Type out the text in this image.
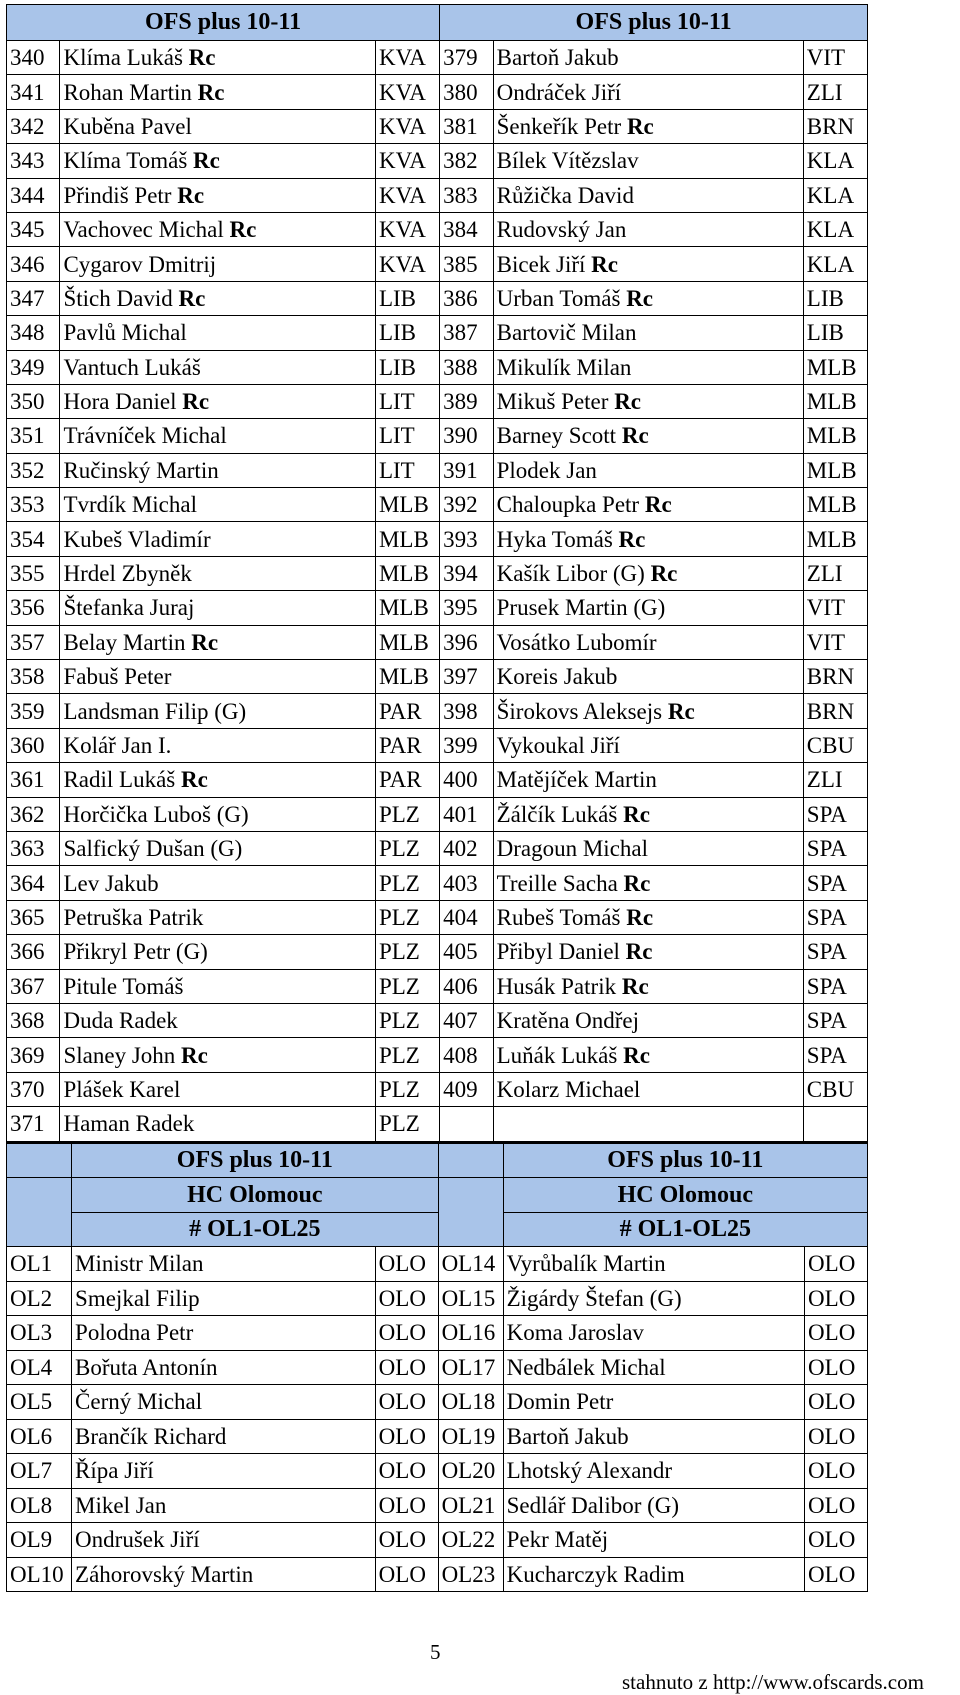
OFS plus 10-11			OFS plus 10-11		
340	Klíma Lukáš Rc	KVA	379	Bartoň Jakub	VIT
341	Rohan Martin Rc	KVA	380	Ondráček Jiří	ZLI
342	Kuběna Pavel	KVA	381	Šenkeřík Petr Rc	BRN
343	Klíma Tomáš Rc	KVA	382	Bílek Vítězslav	KLA
344	Přindiš Petr Rc	KVA	383	Růžička David	KLA
345	Vachovec Michal Rc	KVA	384	Rudovský Jan	KLA
346	Cygarov Dmitrij	KVA	385	Bicek Jiří Rc	KLA
347	Štich David Rc	LIB	386	Urban Tomáš Rc	LIB
348	Pavlů Michal	LIB	387	Bartovič Milan	LIB
349	Vantuch Lukáš	LIB	388	Mikulík Milan	MLB
350	Hora Daniel Rc	LIT	389	Mikuš Peter Rc	MLB
351	Trávníček Michal	LIT	390	Barney Scott Rc	MLB
352	Ručinský Martin	LIT	391	Plodek Jan	MLB
353	Tvrdík Michal	MLB	392	Chaloupka Petr Rc	MLB
354	Kubeš Vladimír	MLB	393	Hyka Tomáš Rc	MLB
355	Hrdel Zbyněk	MLB	394	Kašík Libor (G) Rc	ZLI
356	Štefanka Juraj	MLB	395	Prusek Martin (G)	VIT
357	Belay Martin Rc	MLB	396	Vosátko Lubomír	VIT
358	Fabuš Peter	MLB	397	Koreis Jakub	BRN
359	Landsman Filip (G)	PAR	398	Širokovs Aleksejs Rc	BRN
360	Kolář Jan I.	PAR	399	Vykoukal Jiří	CBU
361	Radil Lukáš Rc	PAR	400	Matějíček Martin	ZLI
362	Horčička Luboš (G)	PLZ	401	Žálčík Lukáš Rc	SPA
363	Salfický Dušan (G)	PLZ	402	Dragoun Michal	SPA
364	Lev Jakub	PLZ	403	Treille Sacha Rc	SPA
365	Petruška Patrik	PLZ	404	Rubeš Tomáš Rc	SPA
366	Přikryl Petr (G)	PLZ	405	Přibyl Daniel Rc	SPA
367	Pitule Tomáš	PLZ	406	Husák Patrik Rc	SPA
368	Duda Radek	PLZ	407	Kratěna Ondřej	SPA
369	Slaney John Rc	PLZ	408	Luňák Lukáš Rc	SPA
370	Plášek Karel	PLZ	409	Kolarz Michael	CBU
371	Haman Radek	PLZ			
	OFS plus 10-11			OFS plus 10-11	
	HC Olomouc			HC Olomouc	
	# OL1-OL25			# OL1-OL25	
OL1	Ministr Milan	OLO	OL14	Vyrůbalík Martin	OLO
OL2	Smejkal Filip	OLO	OL15	Žigárdy Štefan (G)	OLO
OL3	Polodna Petr	OLO	OL16	Koma Jaroslav	OLO
OL4	Bořuta Antonín	OLO	OL17	Nedbálek Michal	OLO
OL5	Černý Michal	OLO	OL18	Domin Petr	OLO
OL6	Brančík Richard	OLO	OL19	Bartoň Jakub	OLO
OL7	Řípa Jiří	OLO	OL20	Lhotský Alexandr	OLO
OL8	Mikel Jan	OLO	OL21	Sedlář Dalibor (G)	OLO
OL9	Ondrušek Jiří	OLO	OL22	Pekr Matěj	OLO
OL10	Záhorovský Martin	OLO	OL23	Kucharczyk Radim	OLO
5
stahnuto z http://www.ofscards.com
